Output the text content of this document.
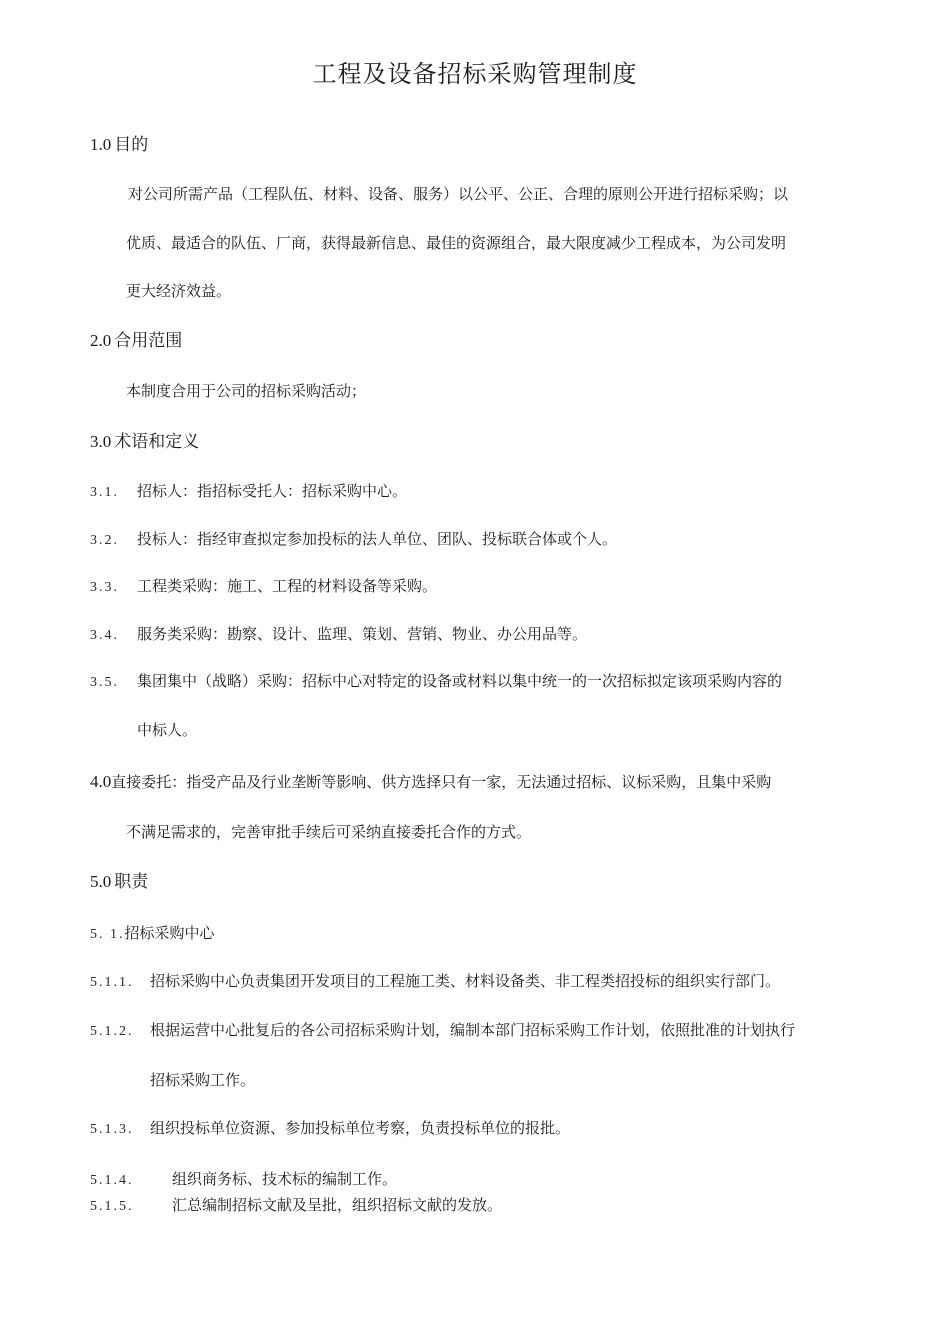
工程及设备招标采购管理制度
1.0 目的
对公司所需产品（工程队伍、材料、设备、服务）以公平、公正、合理的原则公开进行招标采购；以
优质、最适合的队伍、厂商，获得最新信息、最佳的资源组合，最大限度减少工程成本，为公司发明
更大经济效益。
2.0 合用范围
本制度合用于公司的招标采购活动；
3.0 术语和定义
3.1. 招标人：指招标受托人：招标采购中心。
3.2. 投标人：指经审查拟定参加投标的法人单位、团队、投标联合体或个人。
3.3. 工程类采购：施工、工程的材料设备等采购。
3.4. 服务类采购：勘察、设计、监理、策划、营销、物业、办公用品等。
3.5. 集团集中（战略）采购：招标中心对特定的设备或材料以集中统一的一次招标拟定该项采购内容的
中标人。
4.0直接委托：指受产品及行业垄断等影响、供方选择只有一家，无法通过招标、议标采购，且集中采购
不满足需求的，完善审批手续后可采纳直接委托合作的方式。
5.0 职责
5. 1.招标采购中心
5.1.1. 招标采购中心负责集团开发项目的工程施工类、材料设备类、非工程类招投标的组织实行部门。
5.1.2. 根据运营中心批复后的各公司招标采购计划，编制本部门招标采购工作计划，依照批准的计划执行
招标采购工作。
5.1.3. 组织投标单位资源、参加投标单位考察，负责投标单位的报批。
5.1.4.	组织商务标、技术标的编制工作。
5.1.5.	汇总编制招标文献及呈批，组织招标文献的发放。
